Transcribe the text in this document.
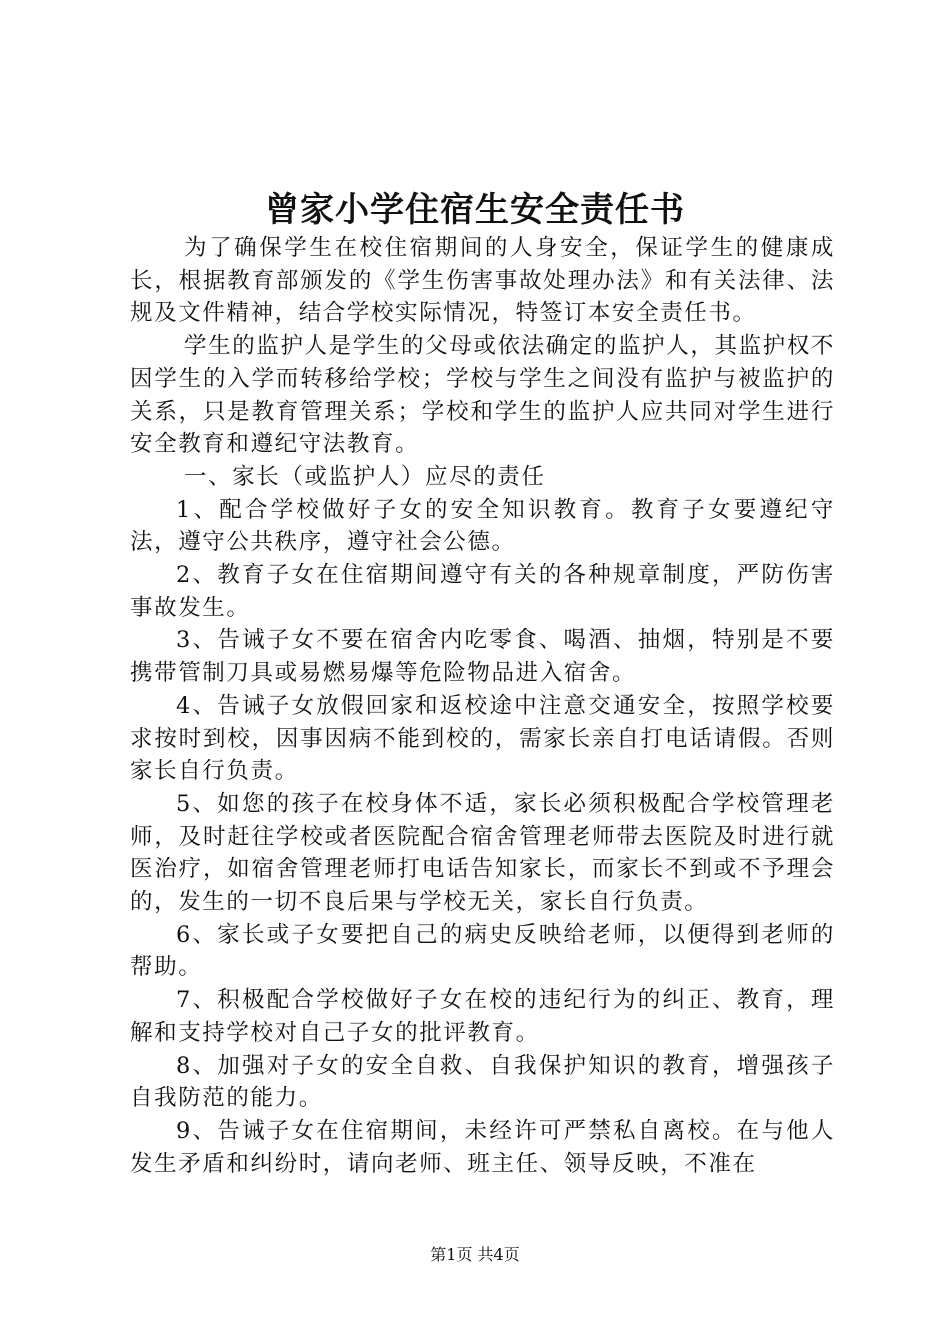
曾家小学住宿生安全责任书

为了确保学生在校住宿期间的人身安全，保证学生的健康成长，根据教育部颁发的《学生伤害事故处理办法》和有关法律、法规及文件精神，结合学校实际情况，特签订本安全责任书。

学生的监护人是学生的父母或依法确定的监护人，其监护权不因学生的入学而转移给学校；学校与学生之间没有监护与被监护的关系，只是教育管理关系；学校和学生的监护人应共同对学生进行安全教育和遵纪守法教育。

一、家长（或监护人）应尽的责任

1、配合学校做好子女的安全知识教育。教育子女要遵纪守法，遵守公共秩序，遵守社会公德。

2、教育子女在住宿期间遵守有关的各种规章制度，严防伤害事故发生。

3、告诫子女不要在宿舍内吃零食、喝酒、抽烟，特别是不要携带管制刀具或易燃易爆等危险物品进入宿舍。

4、告诫子女放假回家和返校途中注意交通安全，按照学校要求按时到校，因事因病不能到校的，需家长亲自打电话请假。否则家长自行负责。

5、如您的孩子在校身体不适，家长必须积极配合学校管理老师，及时赶往学校或者医院配合宿舍管理老师带去医院及时进行就医治疗，如宿舍管理老师打电话告知家长，而家长不到或不予理会的，发生的一切不良后果与学校无关，家长自行负责。

6、家长或子女要把自己的病史反映给老师，以便得到老师的帮助。

7、积极配合学校做好子女在校的违纪行为的纠正、教育，理解和支持学校对自己子女的批评教育。

8、加强对子女的安全自救、自我保护知识的教育，增强孩子自我防范的能力。

9、告诫子女在住宿期间，未经许可严禁私自离校。在与他人发生矛盾和纠纷时，请向老师、班主任、领导反映，不准在

第1页 共4页
